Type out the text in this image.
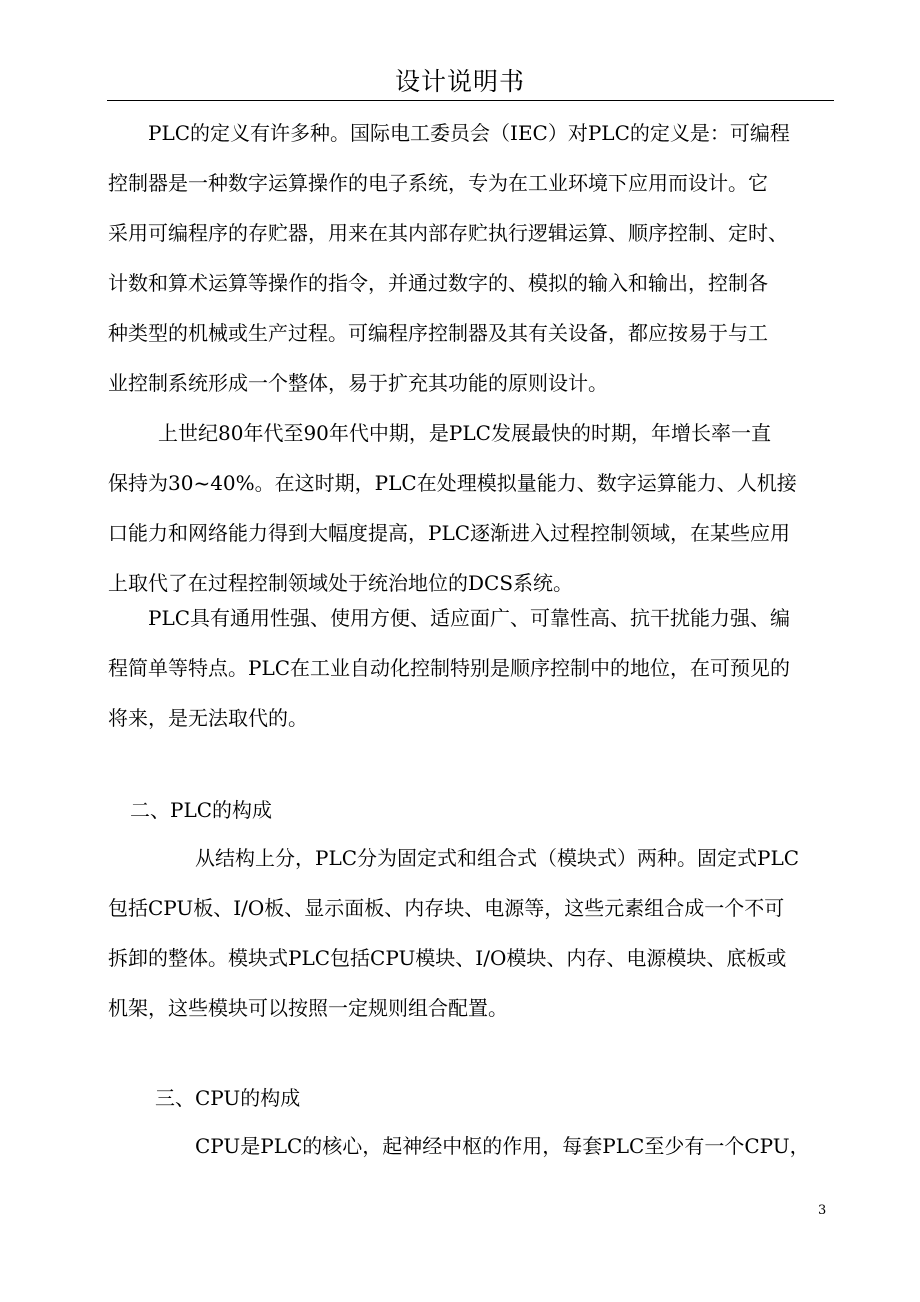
设计说明书

PLC的定义有许多种。国际电工委员会（IEC）对PLC的定义是：可编程
控制器是一种数字运算操作的电子系统，专为在工业环境下应用而设计。它
采用可编程序的存贮器，用来在其内部存贮执行逻辑运算、顺序控制、定时、
计数和算术运算等操作的指令，并通过数字的、模拟的输入和输出，控制各
种类型的机械或生产过程。可编程序控制器及其有关设备，都应按易于与工
业控制系统形成一个整体，易于扩充其功能的原则设计。

上世纪80年代至90年代中期，是PLC发展最快的时期，年增长率一直
保持为30~40%。在这时期，PLC在处理模拟量能力、数字运算能力、人机接
口能力和网络能力得到大幅度提高，PLC逐渐进入过程控制领域，在某些应用
上取代了在过程控制领域处于统治地位的DCS系统。

PLC具有通用性强、使用方便、适应面广、可靠性高、抗干扰能力强、编
程简单等特点。PLC在工业自动化控制特别是顺序控制中的地位，在可预见的
将来，是无法取代的。

二、PLC的构成

从结构上分，PLC分为固定式和组合式（模块式）两种。固定式PLC
包括CPU板、I/O板、显示面板、内存块、电源等，这些元素组合成一个不可
拆卸的整体。模块式PLC包括CPU模块、I/O模块、内存、电源模块、底板或
机架，这些模块可以按照一定规则组合配置。

三、CPU的构成

CPU是PLC的核心，起神经中枢的作用，每套PLC至少有一个CPU，

3
